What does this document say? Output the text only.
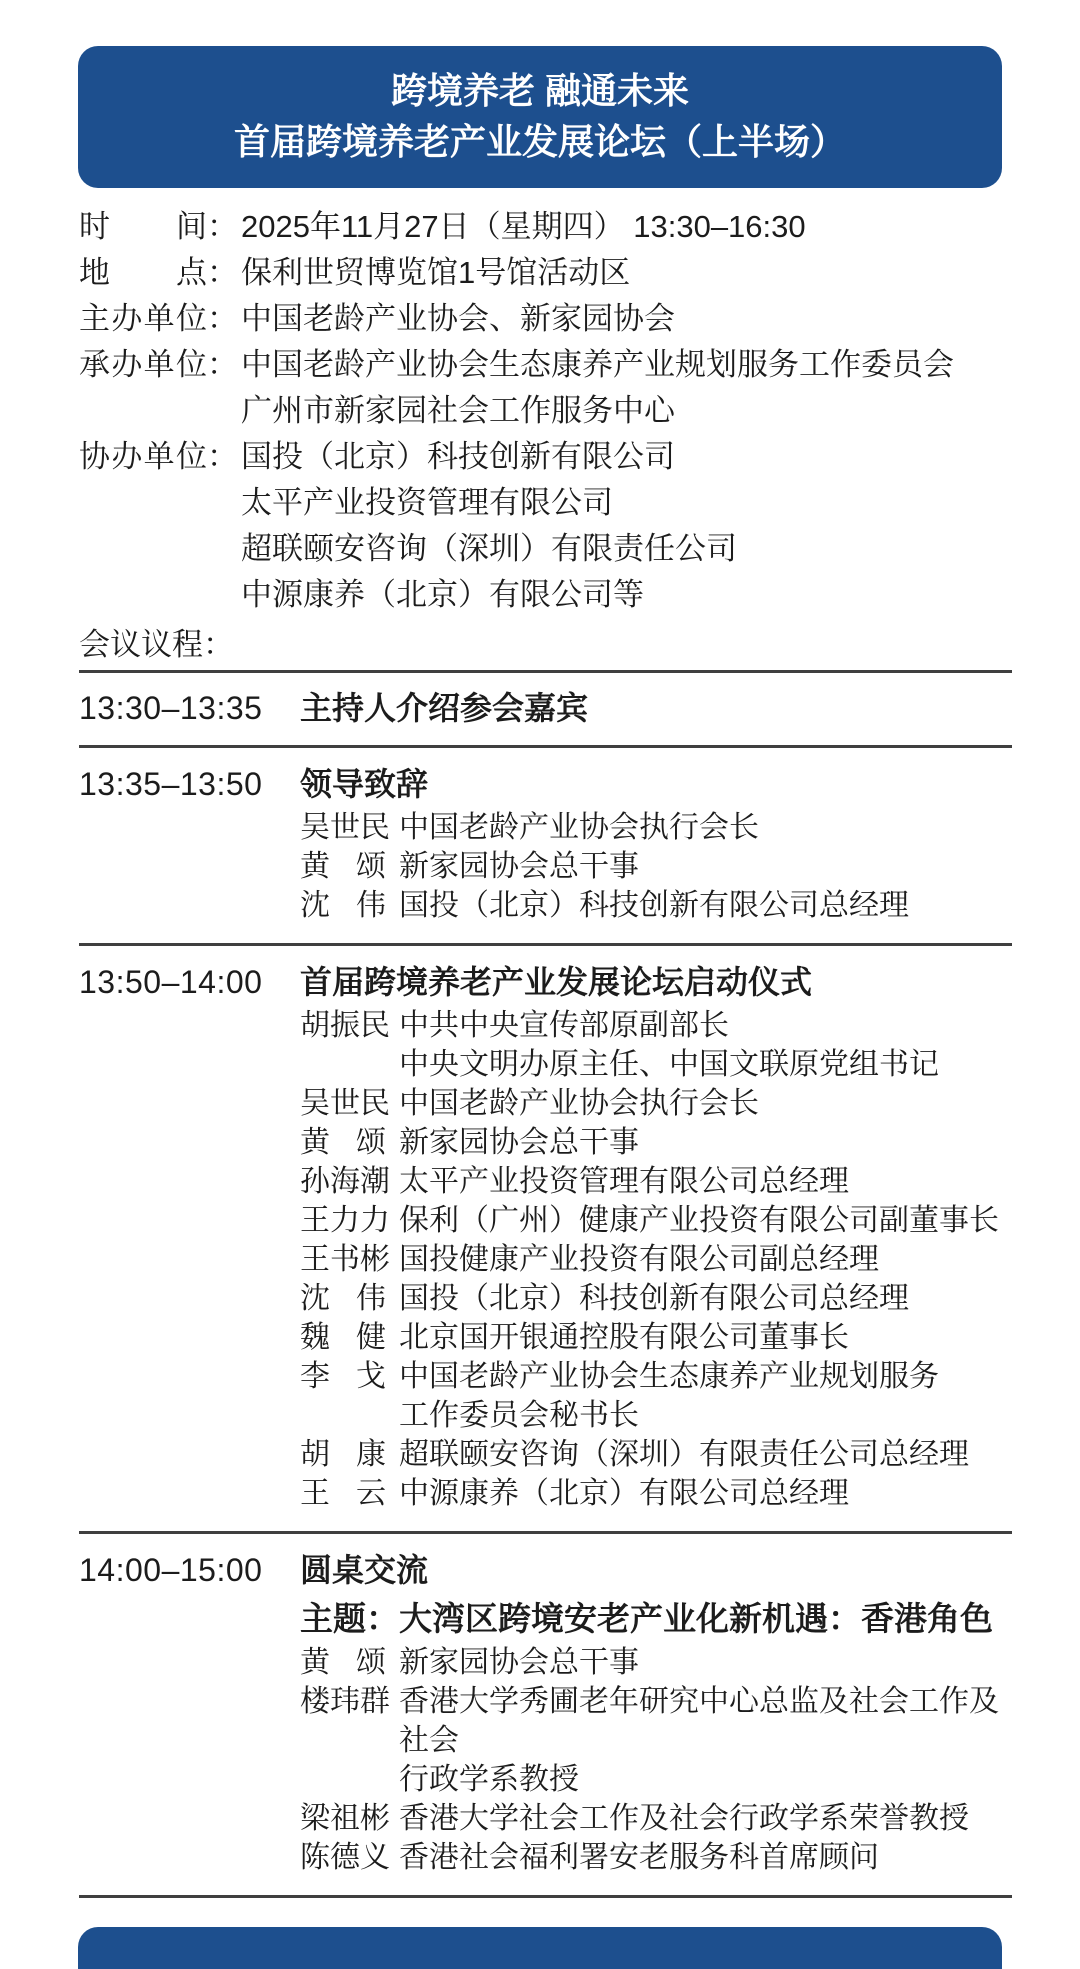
跨境养老 融通未来
首届跨境养老产业发展论坛（上半场）
时间 ： 2025年11月27日（星期四） 13:30–16:30
地点 ： 保利世贸博览馆1号馆活动区
主办单位 ： 中国老龄产业协会、新家园协会
承办单位 ： 中国老龄产业协会生态康养产业规划服务工作委员会
广州市新家园社会工作服务中心
协办单位 ： 国投（北京）科技创新有限公司
太平产业投资管理有限公司
超联颐安咨询（深圳）有限责任公司
中源康养（北京）有限公司等
会议议程：
13:30–13:35	主持人介绍参会嘉宾
13:35–13:50	领导致辞
吴世民 中国老龄产业协会执行会长
黄颂 新家园协会总干事
沈伟 国投（北京）科技创新有限公司总经理
13:50–14:00	首届跨境养老产业发展论坛启动仪式
胡振民 中共中央宣传部原副部长
中央文明办原主任、中国文联原党组书记
吴世民 中国老龄产业协会执行会长
黄颂 新家园协会总干事
孙海潮 太平产业投资管理有限公司总经理
王力力 保利（广州）健康产业投资有限公司副董事长
王书彬 国投健康产业投资有限公司副总经理
沈伟 国投（北京）科技创新有限公司总经理
魏健 北京国开银通控股有限公司董事长
李戈 中国老龄产业协会生态康养产业规划服务
工作委员会秘书长
胡康 超联颐安咨询（深圳）有限责任公司总经理
王云 中源康养（北京）有限公司总经理
14:00–15:00	圆桌交流
主题：大湾区跨境安老产业化新机遇：香港角色
黄颂 新家园协会总干事
楼玮群 香港大学秀圃老年研究中心总监及社会工作及社会
行政学系教授
梁祖彬 香港大学社会工作及社会行政学系荣誉教授
陈德义 香港社会福利署安老服务科首席顾问
